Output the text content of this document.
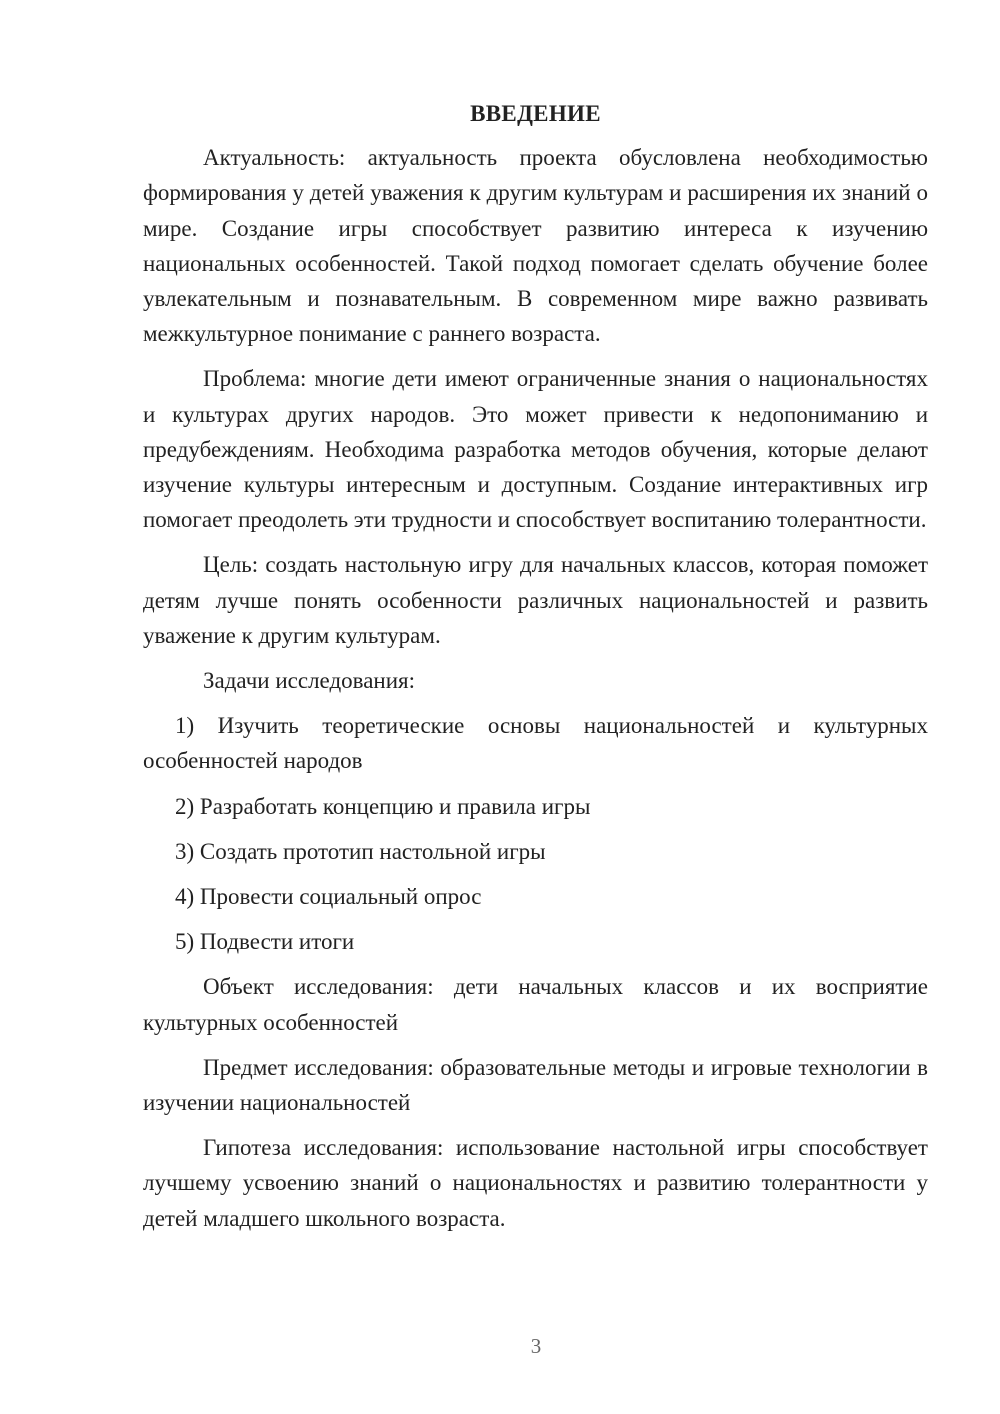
ВВЕДЕНИЕ

Актуальность: актуальность проекта обусловлена необходимостью формирования у детей уважения к другим культурам и расширения их знаний о мире. Создание игры способствует развитию интереса к изучению национальных особенностей. Такой подход помогает сделать обучение более увлекательным и познавательным. В современном мире важно развивать межкультурное понимание с раннего возраста.

Проблема: многие дети имеют ограниченные знания о национальностях и культурах других народов. Это может привести к недопониманию и предубеждениям. Необходима разработка методов обучения, которые делают изучение культуры интересным и доступным. Создание интерактивных игр помогает преодолеть эти трудности и способствует воспитанию толерантности.

Цель: создать настольную игру для начальных классов, которая поможет детям лучше понять особенности различных национальностей и развить уважение к другим культурам.

Задачи исследования:
1) Изучить теоретические основы национальностей и культурных особенностей народов
2) Разработать концепцию и правила игры
3) Создать прототип настольной игры
4) Провести социальный опрос
5) Подвести итоги

Объект исследования: дети начальных классов и их восприятие культурных особенностей

Предмет исследования: образовательные методы и игровые технологии в изучении национальностей

Гипотеза исследования: использование настольной игры способствует лучшему усвоению знаний о национальностях и развитию толерантности у детей младшего школьного возраста.

3
